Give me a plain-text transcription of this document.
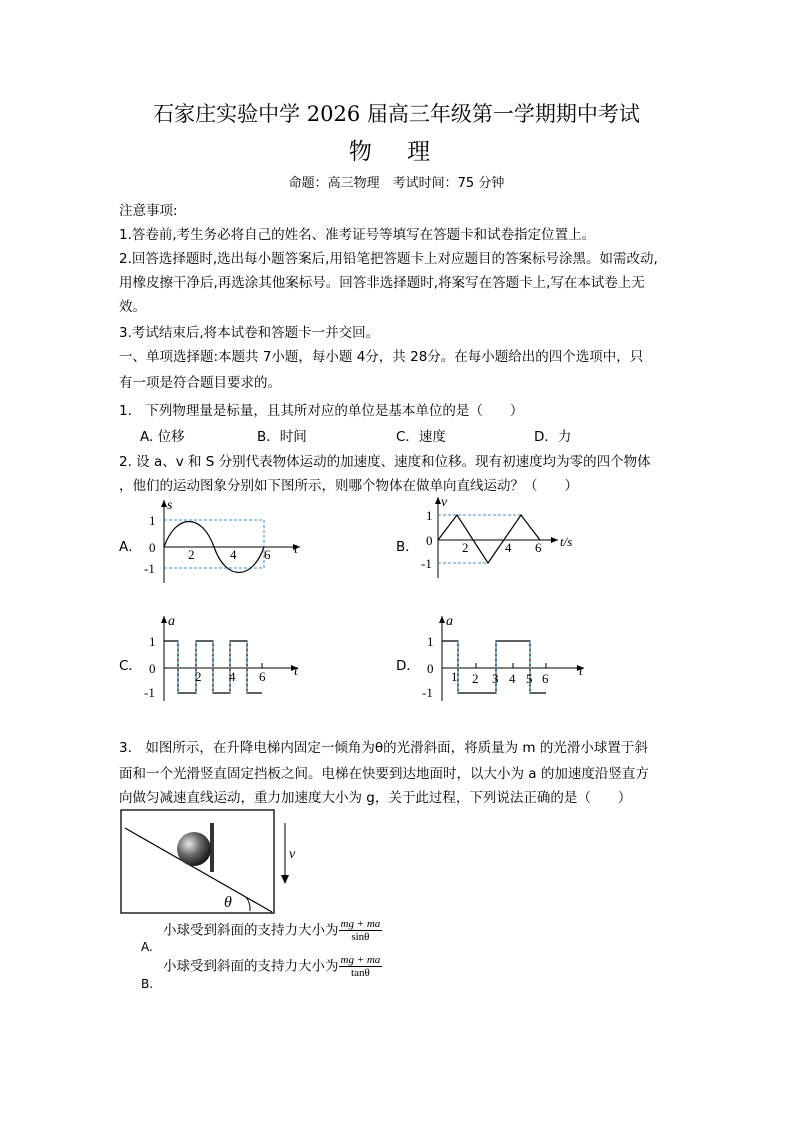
石家庄实验中学 2026 届高三年级第一学期期中考试
物 理
命题：高三物理　考试时间：75 分钟
注意事项:
1.答卷前,考生务必将自己的姓名、准考证号等填写在答题卡和试卷指定位置上。
2.回答选择题时,选出每小题答案后,用铅笔把答题卡上对应题目的答案标号涂黑。如需改动,
用橡皮擦干净后,再选涂其他案标号。回答非选择题时,将案写在答题卡上,写在本试卷上无
效。
3.考试结束后,将本试卷和答题卡一并交回。
一、单项选择题:本题共 7小题，每小题 4分，共 28分。在每小题给出的四个选项中，只
有一项是符合题目要求的。
1.　下列物理量是标量，且其所对应的单位是基本单位的是（　　）
A. 位移	B．时间	C．速度	D．力
2. 设 a、v 和 S 分别代表物体运动的加速度、速度和位移。现有初速度均为零的四个物体
，他们的运动图象分别如下图所示，则哪个物体在做单向直线运动？（　　）
A．
s
t
1
0
-1
2	4 6	B．
v
t/s
1
0
-1
2	4 6
C．
a
t
1
0
-1
2 4 6
D．
a
t
1
0
-1
1 2 3 4 5 6
3.　如图所示，在升降电梯内固定一倾角为θ的光滑斜面，将质量为 m 的光滑小球置于斜
面和一个光滑竖直固定挡板之间。电梯在快要到达地面时，以大小为 a 的加速度沿竖直方
向做匀减速直线运动，重力加速度大小为 g，关于此过程，下列说法正确的是（　　）
θ
v
A.
小球受到斜面的支持力大小为 $\frac{mg + ma}{\sin\theta}$
B.
小球受到斜面的支持力大小为 $\frac{mg + ma}{\tan\theta}$
